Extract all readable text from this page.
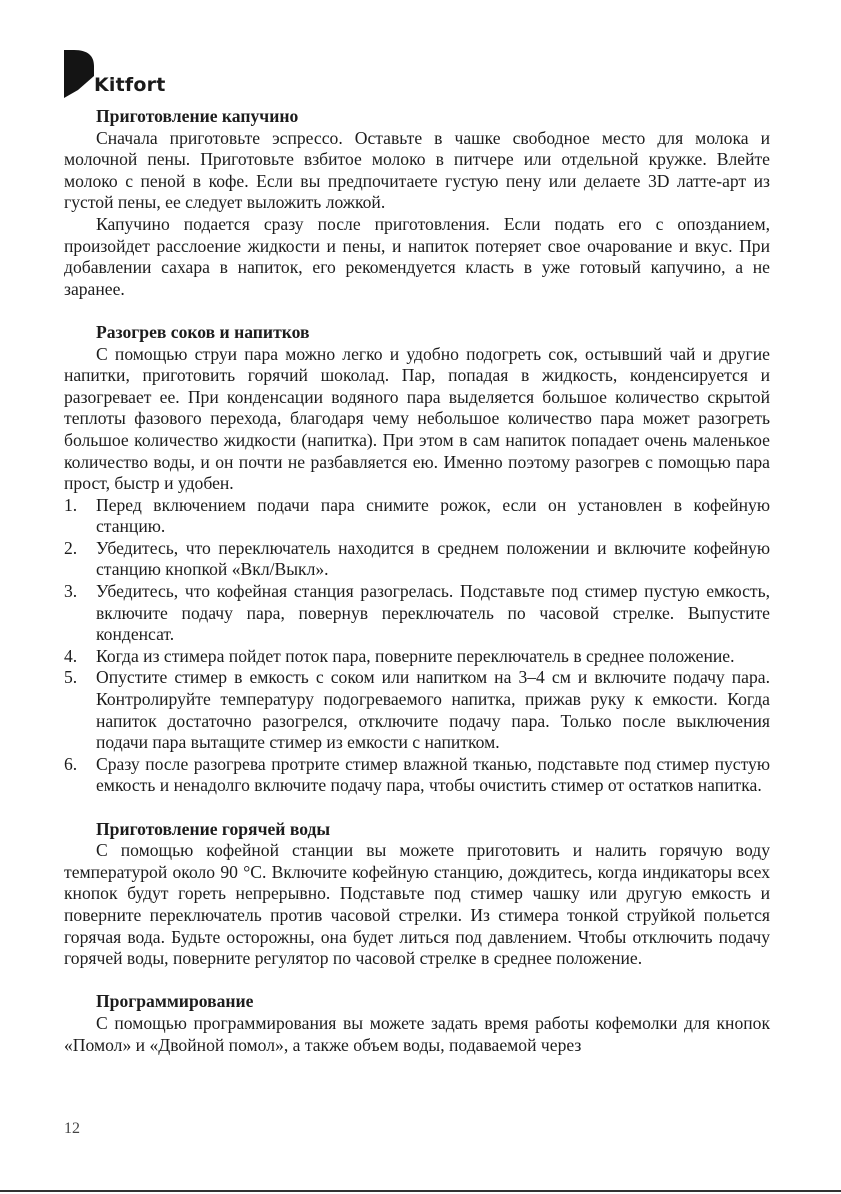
Kitfort
Приготовление капучино

Сначала приготовьте эспрессо. Оставьте в чашке свободное место для молока и молочной пены. Приготовьте взбитое молоко в питчере или отдельной кружке. Влейте молоко с пеной в кофе. Если вы предпочитаете густую пену или делаете 3D латте-арт из густой пены, ее следует выложить ложкой.

Капучино подается сразу после приготовления. Если подать его с опозданием, произойдет расслоение жидкости и пены, и напиток потеряет свое очарование и вкус. При добавлении сахара в напиток, его рекомендуется класть в уже готовый капучино, а не заранее.

Разогрев соков и напитков

С помощью струи пара можно легко и удобно подогреть сок, остывший чай и другие напитки, приготовить горячий шоколад. Пар, попадая в жидкость, конденсируется и разогревает ее. При конденсации водяного пара выделяется большое количество скрытой теплоты фазового перехода, благодаря чему небольшое количество пара может разогреть большое количество жидкости (напитка). При этом в сам напиток попадает очень маленькое количество воды, и он почти не разбавляется ею. Именно поэтому разогрев с помощью пара прост, быстр и удобен.

1. Перед включением подачи пара снимите рожок, если он установлен в кофейную станцию.
2. Убедитесь, что переключатель находится в среднем положении и включите кофейную станцию кнопкой «Вкл/Выкл».
3. Убедитесь, что кофейная станция разогрелась. Подставьте под стимер пустую емкость, включите подачу пара, повернув переключатель по часовой стрелке. Выпустите конденсат.
4. Когда из стимера пойдет поток пара, поверните переключатель в среднее положение.
5. Опустите стимер в емкость с соком или напитком на 3–4 см и включите подачу пара. Контролируйте температуру подогреваемого напитка, прижав руку к емкости. Когда напиток достаточно разогрелся, отключите подачу пара. Только после выключения подачи пара вытащите стимер из емкости с напитком.
6. Сразу после разогрева протрите стимер влажной тканью, подставьте под стимер пустую емкость и ненадолго включите подачу пара, чтобы очистить стимер от остатков напитка.
Приготовление горячей воды

С помощью кофейной станции вы можете приготовить и налить горячую воду температурой около 90 °C. Включите кофейную станцию, дождитесь, когда индикаторы всех кнопок будут гореть непрерывно. Подставьте под стимер чашку или другую емкость и поверните переключатель против часовой стрелки. Из стимера тонкой струйкой польется горячая вода. Будьте осторожны, она будет литься под давлением. Чтобы отключить подачу горячей воды, поверните регулятор по часовой стрелке в среднее положение.

Программирование

С помощью программирования вы можете задать время работы кофемолки для кнопок «Помол» и «Двойной помол», а также объем воды, подаваемой через

12
